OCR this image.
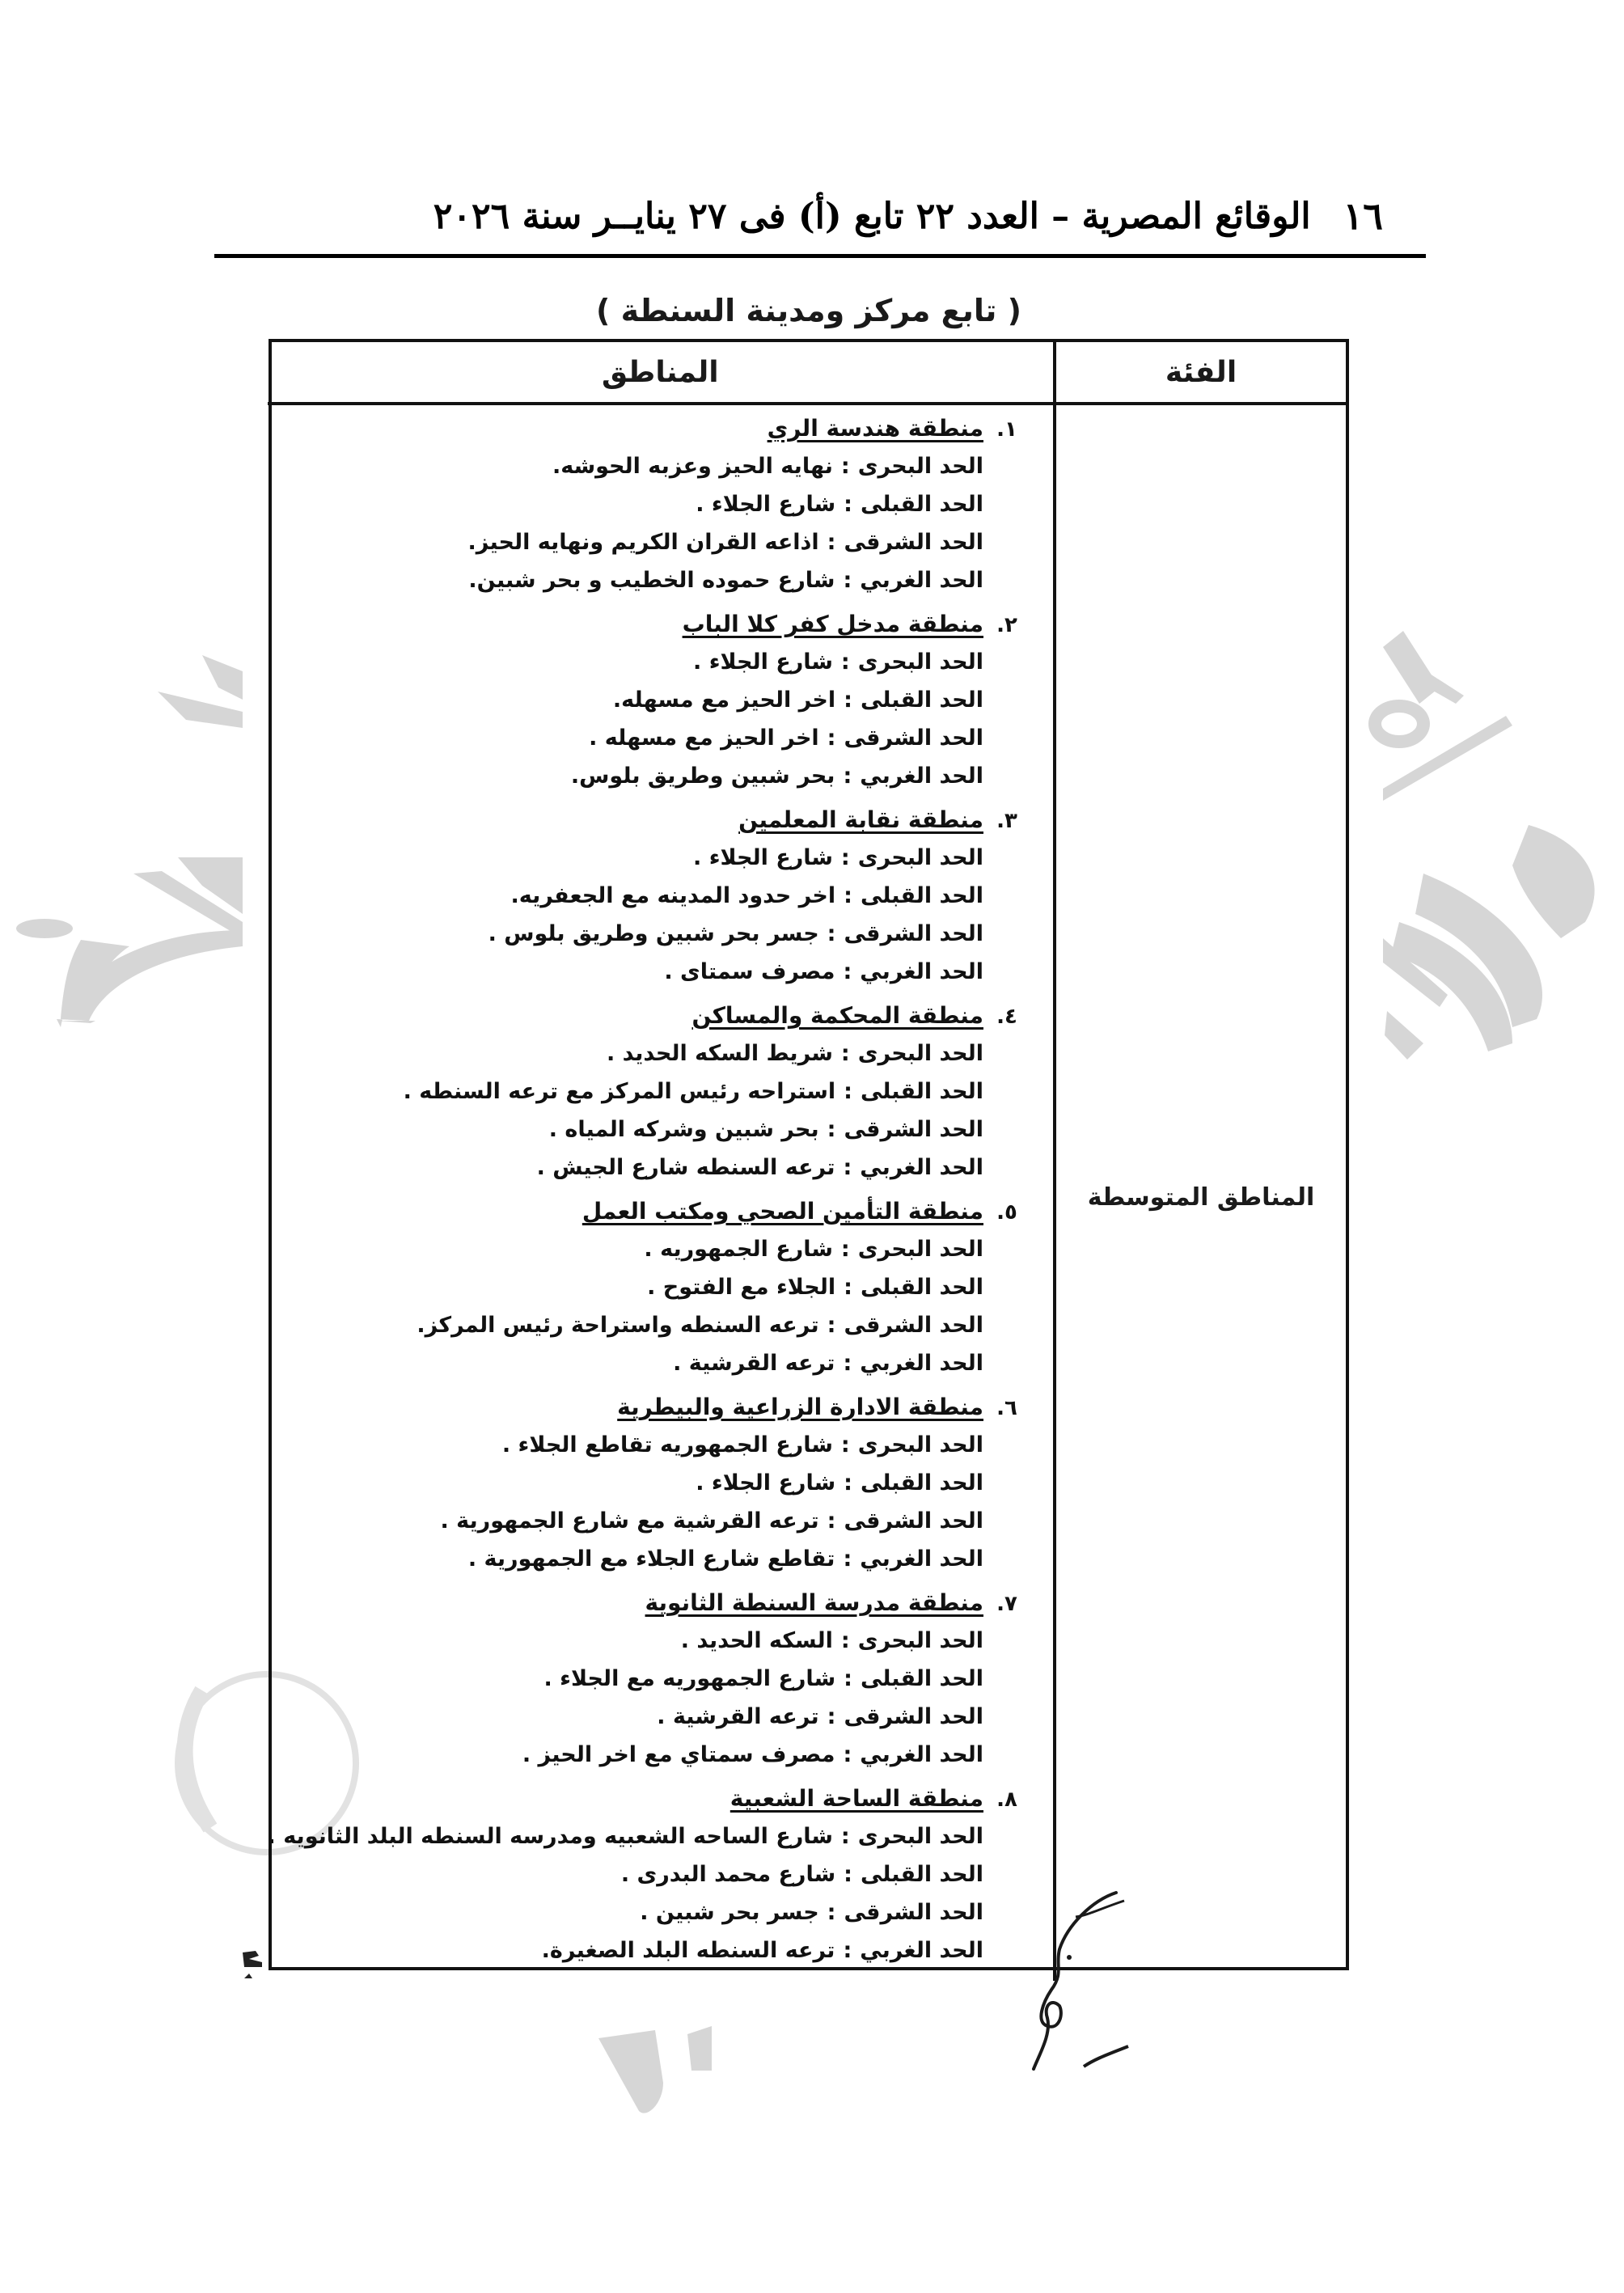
١٦
الوقائع المصرية – العدد ٢٢ تابع (أ) فى ٢٧ ينايــر سنة ٢٠٢٦
( تابع مركز ومدينة السنطة )
الفئة
المناطق
المناطق المتوسطة
١.
منطقة هندسة الري
الحد البحرى:نهايه الحيز وعزبه الحوشه.
الحد القبلى:شارع الجلاء .
الحد الشرقى:اذاعه القران الكريم ونهايه الحيز.
الحد الغربي:شارع حموده الخطيب و بحر شبين.
٢.
منطقة مدخل كفر كلا الباب
الحد البحرى:شارع الجلاء .
الحد القبلى:اخر الحيز مع مسهله.
الحد الشرقى:اخر الحيز مع مسهله .
الحد الغربي:بحر شبين وطريق بلوس.
٣.
منطقة نقابة المعلمين
الحد البحرى:شارع الجلاء .
الحد القبلى:اخر حدود المدينه مع الجعفريه.
الحد الشرقى:جسر بحر شبين وطريق بلوس .
الحد الغربي:مصرف سمتاى .
٤.
منطقة المحكمة والمساكن
الحد البحرى:شريط السكه الحديد .
الحد القبلى:استراحه رئيس المركز مع ترعه السنطه .
الحد الشرقى:بحر شبين وشركه المياه .
الحد الغربي:ترعه السنطه شارع الجيش .
٥.
منطقة التأمين الصحي ومكتب العمل
الحد البحرى:شارع الجمهوريه .
الحد القبلى:الجلاء مع الفتوح .
الحد الشرقى:ترعه السنطه واستراحة رئيس المركز.
الحد الغربي:ترعه القرشية .
٦.
منطقة الادارة الزراعية والبيطرية
الحد البحرى:شارع الجمهوريه تقاطع الجلاء .
الحد القبلى:شارع الجلاء .
الحد الشرقى:ترعه القرشية مع شارع الجمهورية .
الحد الغربي:تقاطع شارع الجلاء مع الجمهورية .
٧.
منطقة مدرسة السنطة الثانوية
الحد البحرى:السكه الحديد .
الحد القبلى:شارع الجمهوريه مع الجلاء .
الحد الشرقى:ترعه القرشية .
الحد الغربي:مصرف سمتاي مع اخر الحيز .
٨.
منطقة الساحة الشعبية
الحد البحرى:شارع الساحه الشعبيه ومدرسه السنطه البلد الثانويه .
الحد القبلى:شارع محمد البدرى .
الحد الشرقى:جسر بحر شبين .
الحد الغربي:ترعه السنطه البلد الصغيرة.
